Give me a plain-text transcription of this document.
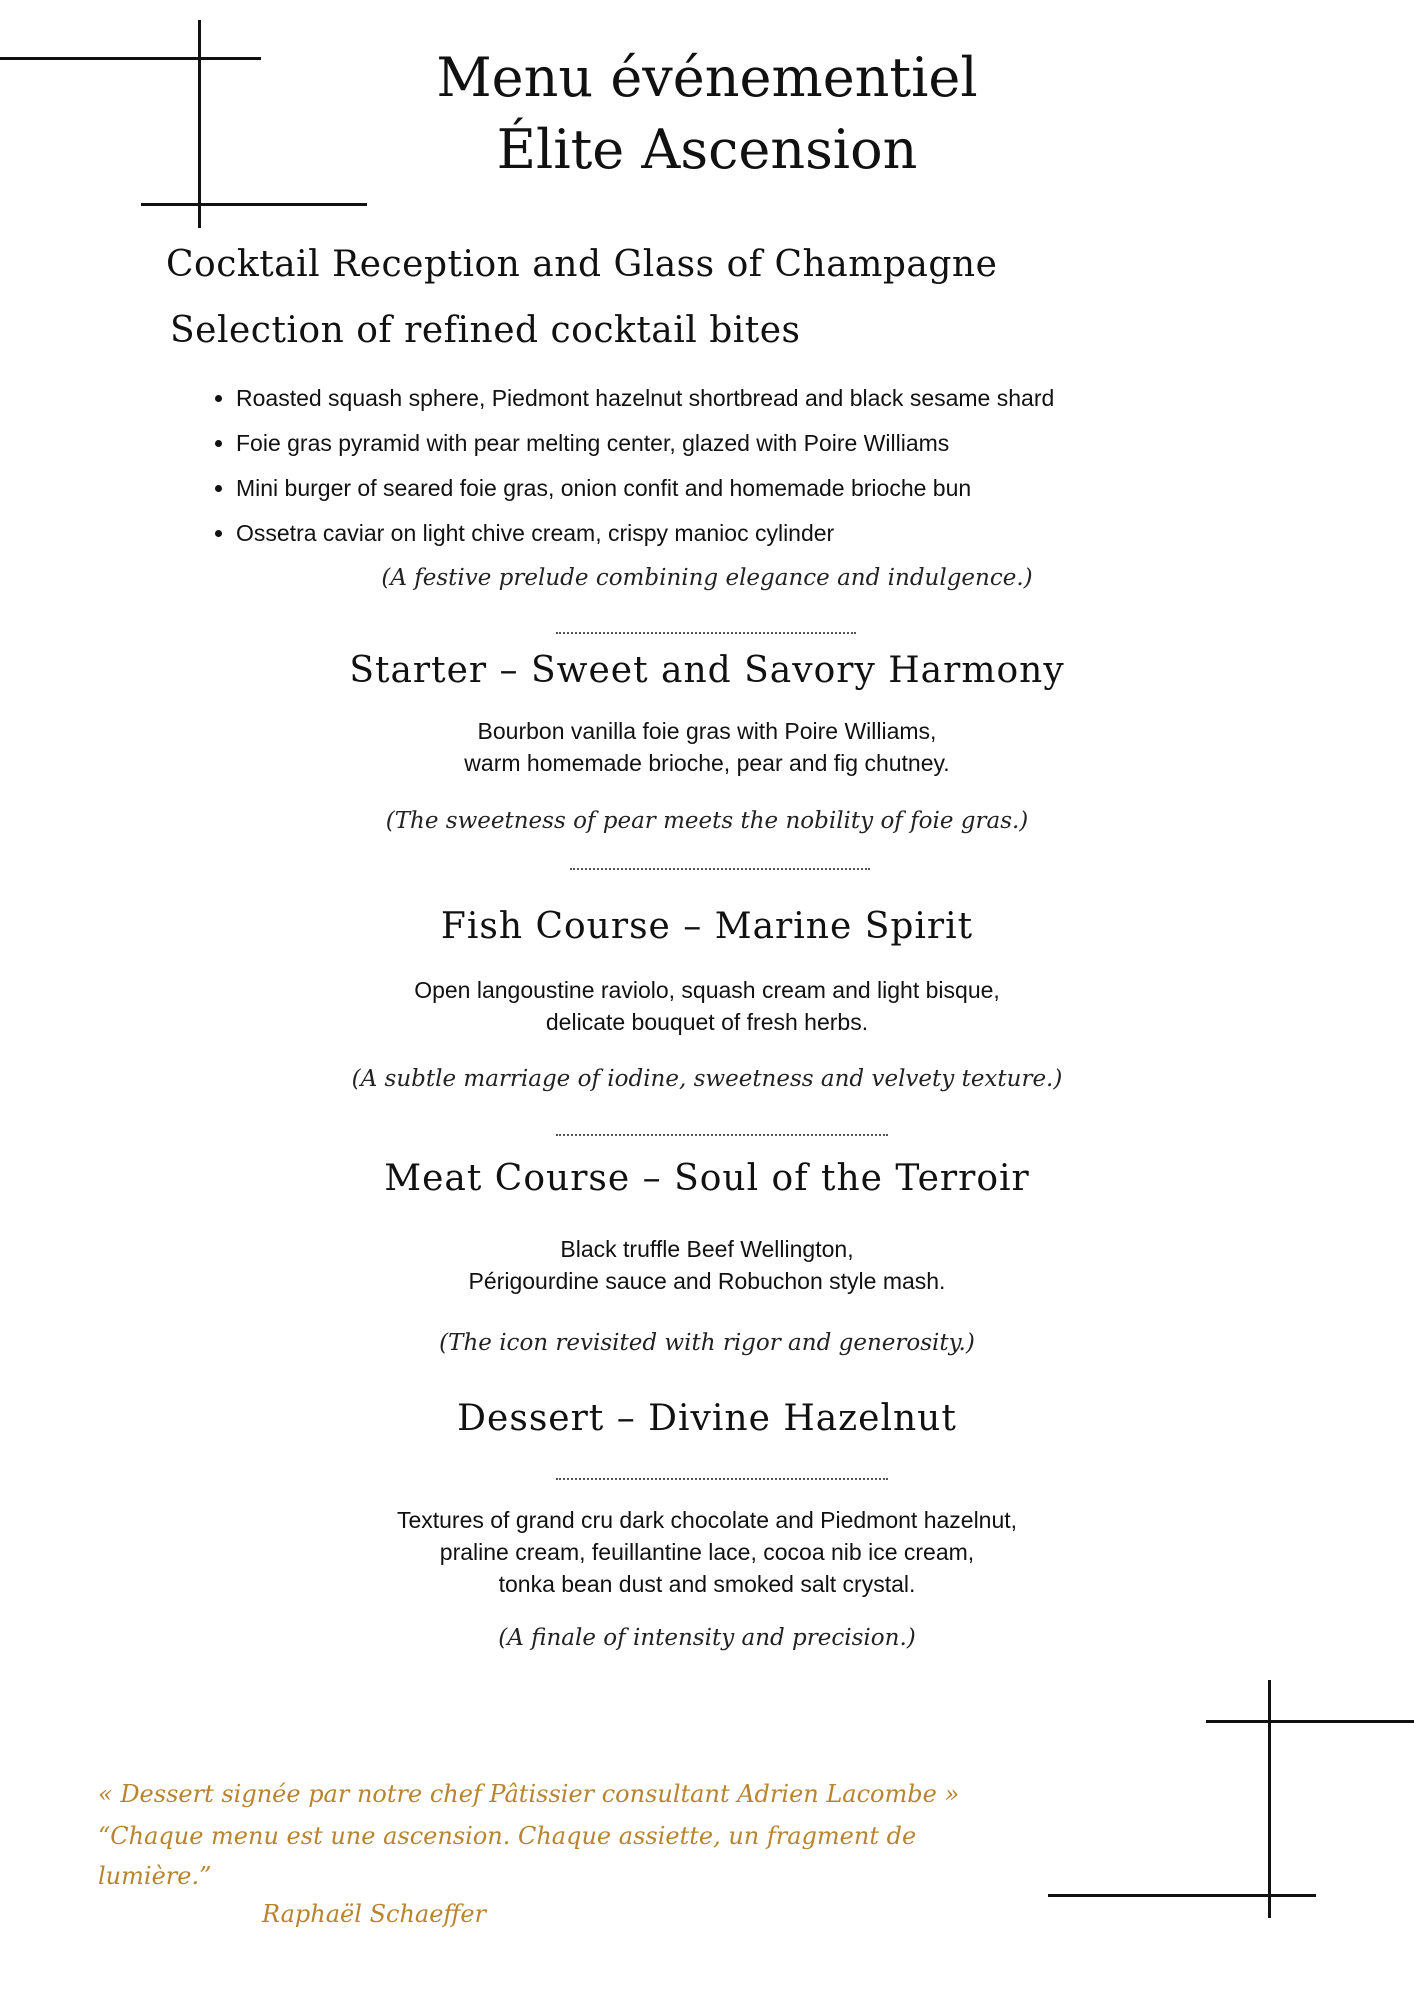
Menu événementiel
Élite Ascension
Cocktail Reception and Glass of Champagne
Selection of refined cocktail bites
• Roasted squash sphere, Piedmont hazelnut shortbread and black sesame shard
• Foie gras pyramid with pear melting center, glazed with Poire Williams
• Mini burger of seared foie gras, onion confit and homemade brioche bun
• Ossetra caviar on light chive cream, crispy manioc cylinder
(A festive prelude combining elegance and indulgence.)
Starter – Sweet and Savory Harmony
Bourbon vanilla foie gras with Poire Williams,
warm homemade brioche, pear and fig chutney.
(The sweetness of pear meets the nobility of foie gras.)
Fish Course – Marine Spirit
Open langoustine raviolo, squash cream and light bisque,
delicate bouquet of fresh herbs.
(A subtle marriage of iodine, sweetness and velvety texture.)
Meat Course – Soul of the Terroir
Black truffle Beef Wellington,
Périgourdine sauce and Robuchon style mash.
(The icon revisited with rigor and generosity.)
Dessert – Divine Hazelnut
Textures of grand cru dark chocolate and Piedmont hazelnut,
praline cream, feuillantine lace, cocoa nib ice cream,
tonka bean dust and smoked salt crystal.
(A finale of intensity and precision.)
« Dessert signée par notre chef Pâtissier consultant Adrien Lacombe »
“Chaque menu est une ascension. Chaque assiette, un fragment de
lumière.”
Raphaël Schaeffer
